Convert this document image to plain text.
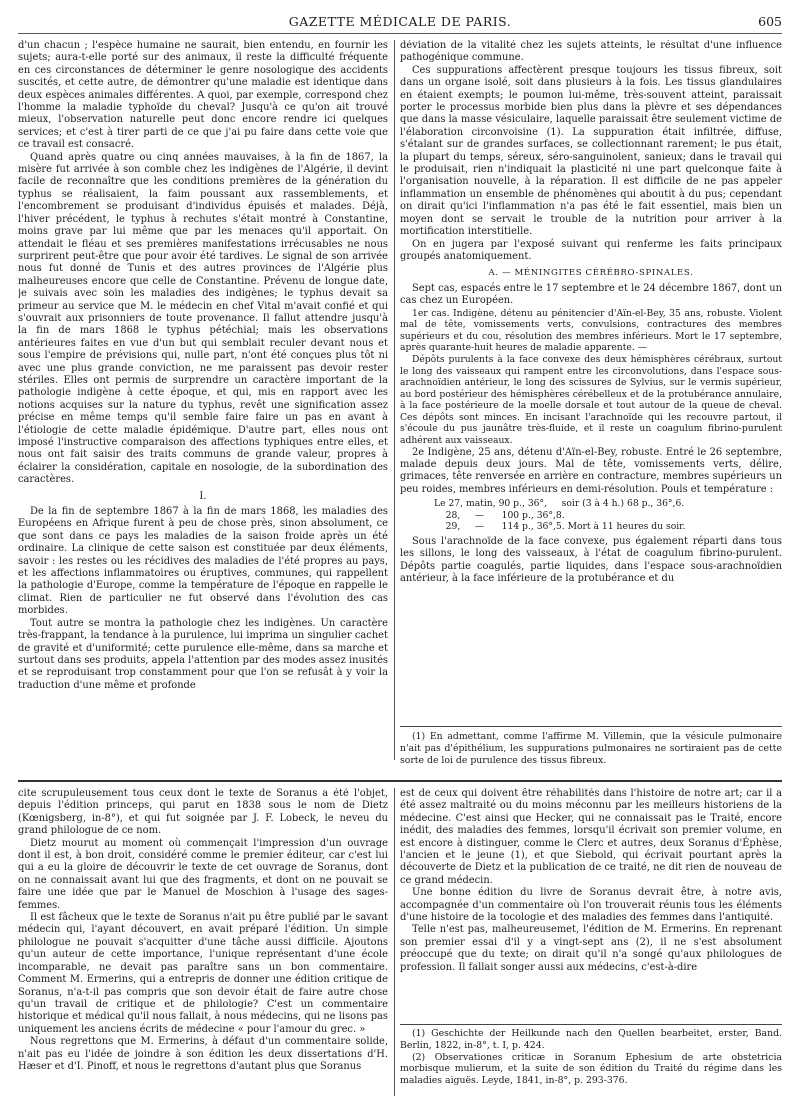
GAZETTE MÉDICALE DE PARIS.	605

d'un chacun ; l'espèce humaine ne saurait, bien entendu, en fournir les sujets; aura-t-elle porté sur des animaux, il reste la difficulté fréquente en ces circonstances de déterminer le genre nosologique des accidents suscités, et cette autre, de démontrer qu'une maladie est identique dans deux espèces animales différentes. A quoi, par exemple, correspond chez l'homme la maladie typhoïde du cheval? Jusqu'à ce qu'on ait trouvé mieux, l'observation naturelle peut donc encore rendre ici quelques services; et c'est à tirer parti de ce que j'ai pu faire dans cette voie que ce travail est consacré.

Quand après quatre ou cinq années mauvaises, à la fin de 1867, la misère fut arrivée à son comble chez les indigènes de l'Algérie, il devint facile de reconnaître que les conditions premières de la génération du typhus se réalisaient, la faim poussant aux rassemblements, et l'encombrement se produisant d'individus épuisés et malades. Déjà, l'hiver précédent, le typhus à rechutes s'était montré à Constantine, moins grave par lui même que par les menaces qu'il apportait. On attendait le fléau et ses premières manifestations irrécusables ne nous surprirent peut-être que pour avoir été tardives. Le signal de son arrivée nous fut donné de Tunis et des autres provinces de l'Algérie plus malheureuses encore que celle de Constantine. Prévenu de longue date, je suivais avec soin les maladies des indigènes; le typhus devait sa primeur au service que M. le médecin en chef Vital m'avait confié et qui s'ouvrait aux prisonniers de toute provenance. Il fallut attendre jusqu'à la fin de mars 1868 le typhus pétéchial; mais les observations antérieures faites en vue d'un but qui semblait reculer devant nous et sous l'empire de prévisions qui, nulle part, n'ont été conçues plus tôt ni avec une plus grande conviction, ne me paraissent pas devoir rester stériles. Elles ont permis de surprendre un caractère important de la pathologie indigène à cette époque, et qui, mis en rapport avec les notions acquises sur la nature du typhus, revêt une signification assez précise en même temps qu'il semble faire faire un pas en avant à l'étiologie de cette maladie épidémique. D'autre part, elles nous ont imposé l'instructive comparaison des affections typhiques entre elles, et nous ont fait saisir des traits communs de grande valeur, propres à éclairer la considération, capitale en nosologie, de la subordination des caractères.

I.

De la fin de septembre 1867 à la fin de mars 1868, les maladies des Européens en Afrique furent à peu de chose près, sinon absolument, ce que sont dans ce pays les maladies de la saison froide après un été ordinaire. La clinique de cette saison est constituée par deux éléments, savoir : les restes ou les récidives des maladies de l'été propres au pays, et les affections inflammatoires ou éruptives, communes, qui rappellent la pathologie d'Europe, comme la température de l'époque en rappelle le climat. Rien de particulier ne fut observé dans l'évolution des cas morbides.

Tout autre se montra la pathologie chez les indigènes. Un caractère très-frappant, la tendance à la purulence, lui imprima un singulier cachet de gravité et d'uniformité; cette purulence elle-même, dans sa marche et surtout dans ses produits, appela l'attention par des modes assez inusités et se reproduisant trop constamment pour que l'on se refusât à y voir la traduction d'une même et profonde

déviation de la vitalité chez les sujets atteints, le résultat d'une influence pathogénique commune.

Ces suppurations affectèrent presque toujours les tissus fibreux, soit dans un organe isolé, soit dans plusieurs à la fois. Les tissus glandulaires en étaient exempts; le poumon lui-même, très-souvent atteint, paraissait porter le processus morbide bien plus dans la plèvre et ses dépendances que dans la masse vésiculaire, laquelle paraissait être seulement victime de l'élaboration circonvoisine (1). La suppuration était infiltrée, diffuse, s'étalant sur de grandes surfaces, se collectionnant rarement; le pus était, la plupart du temps, séreux, séro-sanguinolent, sanieux; dans le travail qui le produisait, rien n'indiquait la plasticité ni une part quelconque faite à l'organisation nouvelle, à la réparation. Il est difficile de ne pas appeler inflammation un ensemble de phénomènes qui aboutit à du pus; cependant on dirait qu'ici l'inflammation n'a pas été le fait essentiel, mais bien un moyen dont se servait le trouble de la nutrition pour arriver à la mortification interstitielle.

On en jugera par l'exposé suivant qui renferme les faits principaux groupés anatomiquement.

A. — MÉNINGITES CÉRÉBRO-SPINALES.

Sept cas, espacés entre le 17 septembre et le 24 décembre 1867, dont un cas chez un Européen.

1er cas. Indigène, détenu au pénitencier d'Aïn-el-Bey, 35 ans, robuste. Violent mal de tête, vomissements verts, convulsions, contractures des membres supérieurs et du cou, résolution des membres inférieurs. Mort le 17 septembre, après quarante-huit heures de maladie apparente. —

Dépôts purulents à la face convexe des deux hémisphères cérébraux, surtout le long des vaisseaux qui rampent entre les circonvolutions, dans l'espace sous-arachnoïdien antérieur, le long des scissures de Sylvius, sur le vermis supérieur, au bord postérieur des hémisphères cérébelleux et de la protubérance annulaire, à la face postérieure de la moelle dorsale et tout autour de la queue de cheval. Ces dépôts sont minces. En incisant l'arachnoïde qui les recouvre partout, il s'écoule du pus jaunâtre très-fluide, et il reste un coagulum fibrino-purulent adhérent aux vaisseaux.

2e Indigène, 25 ans, détenu d'Aïn-el-Bey, robuste. Entré le 26 septembre, malade depuis deux jours. Mal de tête, vomissements verts, délire, grimaces, tête renversée en arrière en contracture, membres supérieurs un peu roides, membres inférieurs en demi-résolution. Pouls et température :

Le 27, matin, 90 p., 36°,     soir (3 à 4 h.) 68 p., 36°,6.
28,     —      100 p., 36°,8.
29,     —      114 p., 36°,5. Mort à 11 heures du soir.

Sous l'arachnoïde de la face convexe, pus également réparti dans tous les sillons, le long des vaisseaux, à l'état de coagulum fibrino-purulent. Dépôts partie coagulés, partie liquides, dans l'espace sous-arachnoïdien antérieur, à la face inférieure de la protubérance et du

(1) En admettant, comme l'affirme M. Villemin, que la vésicule pulmonaire n'ait pas d'épithélium, les suppurations pulmonaires ne sortiraient pas de cette sorte de loi de purulence des tissus fibreux.

cite scrupuleusement tous ceux dont le texte de Soranus a été l'objet, depuis l'édition princeps, qui parut en 1838 sous le nom de Dietz (Kœnigsberg, in-8°), et qui fut soignée par J. F. Lobeck, le neveu du grand philologue de ce nom.

Dietz mourut au moment où commençait l'impression d'un ouvrage dont il est, à bon droit, considéré comme le premier éditeur, car c'est lui qui a eu la gloire de découvrir le texte de cet ouvrage de Soranus, dont on ne connaissait avant lui que des fragments, et dont on ne pouvait se faire une idée que par le Manuel de Moschion à l'usage des sages-femmes.

Il est fâcheux que le texte de Soranus n'ait pu être publié par le savant médecin qui, l'ayant découvert, en avait préparé l'édition. Un simple philologue ne pouvait s'acquitter d'une tâche aussi difficile. Ajoutons qu'un auteur de cette importance, l'unique représentant d'une école incomparable, ne devait pas paraître sans un bon commentaire. Comment M. Ermerins, qui a entrepris de donner une édition critique de Soranus, n'a-t-il pas compris que son devoir était de faire autre chose qu'un travail de critique et de philologie? C'est un commentaire historique et médical qu'il nous fallait, à nous médecins, qui ne lisons pas uniquement les anciens écrits de médecine « pour l'amour du grec. »

Nous regrettons que M. Ermerins, à défaut d'un commentaire solide, n'ait pas eu l'idée de joindre à son édition les deux dissertations d'H. Hæser et d'I. Pinoff, et nous le regrettons d'autant plus que Soranus

est de ceux qui doivent être réhabilités dans l'histoire de notre art; car il a été assez maltraité ou du moins méconnu par les meilleurs historiens de la médecine. C'est ainsi que Hecker, qui ne connaissait pas le Traité, encore inédit, des maladies des femmes, lorsqu'il écrivait son premier volume, en est encore à distinguer, comme le Clerc et autres, deux Soranus d'Éphèse, l'ancien et le jeune (1), et que Siebold, qui écrivait pourtant après la découverte de Dietz et la publication de ce traité, ne dit rien de nouveau de ce grand médecin.

Une bonne édition du livre de Soranus devrait être, à notre avis, accompagnée d'un commentaire où l'on trouverait réunis tous les éléments d'une histoire de la tocologie et des maladies des femmes dans l'antiquité.

Telle n'est pas, malheureusemet, l'édition de M. Ermerins. En reprenant son premier essai d'il y a vingt-sept ans (2), il ne s'est absolument préoccupé que du texte; on dirait qu'il n'a songé qu'aux philologues de profession. Il fallait songer aussi aux médecins, c'est-à-dire

(1) Geschichte der Heilkunde nach den Quellen bearbeitet, erster, Band. Berlin, 1822, in-8°, t. I, p. 424.

(2) Observationes criticæ in Soranum Ephesium de arte obstetricia morbisque mulierum, et la suite de son édition du Traité du régime dans les maladies aiguës. Leyde, 1841, in-8°, p. 293-376.
